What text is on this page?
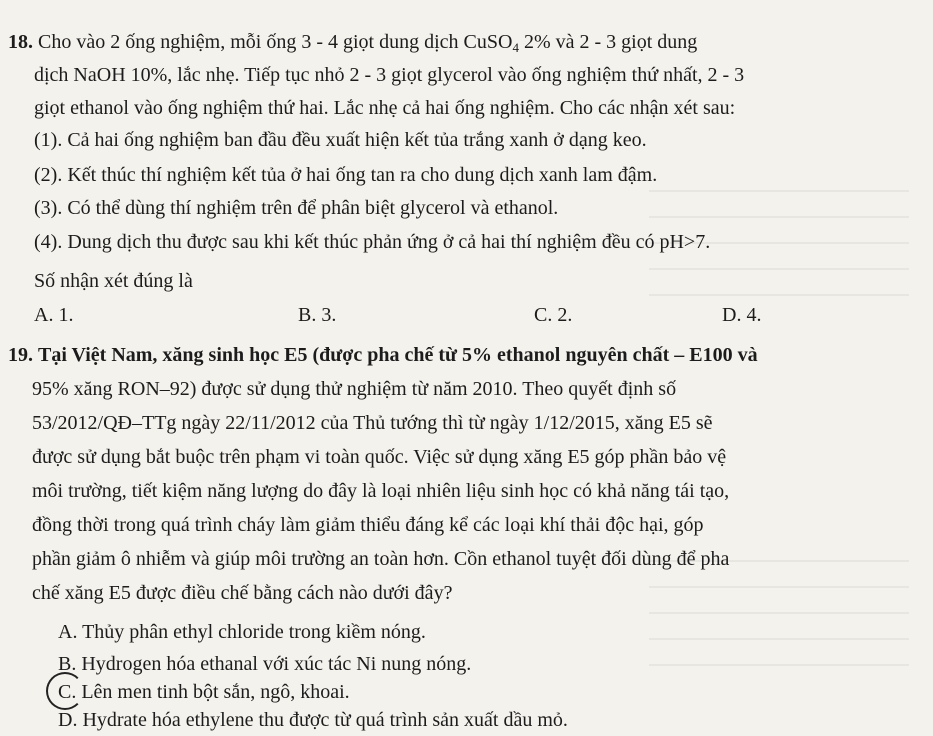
18. Cho vào 2 ống nghiệm, mỗi ống 3 - 4 giọt dung dịch CuSO$_4$ 2% và 2 - 3 giọt dung
dịch NaOH 10%, lắc nhẹ. Tiếp tục nhỏ 2 - 3 giọt glycerol vào ống nghiệm thứ nhất, 2 - 3
giọt ethanol vào ống nghiệm thứ hai. Lắc nhẹ cả hai ống nghiệm. Cho các nhận xét sau:
(1). Cả hai ống nghiệm ban đầu đều xuất hiện kết tủa trắng xanh ở dạng keo.
(2). Kết thúc thí nghiệm kết tủa ở hai ống tan ra cho dung dịch xanh lam đậm.
(3). Có thể dùng thí nghiệm trên để phân biệt glycerol và ethanol.
(4). Dung dịch thu được sau khi kết thúc phản ứng ở cả hai thí nghiệm đều có pH>7.
Số nhận xét đúng là
A. 1.	B. 3.	C. 2.	D. 4.
19. Tại Việt Nam, xăng sinh học E5 (được pha chế từ 5% ethanol nguyên chất – E100 và
95% xăng RON–92) được sử dụng thử nghiệm từ năm 2010. Theo quyết định số
53/2012/QĐ–TTg ngày 22/11/2012 của Thủ tướng thì từ ngày 1/12/2015, xăng E5 sẽ
được sử dụng bắt buộc trên phạm vi toàn quốc. Việc sử dụng xăng E5 góp phần bảo vệ
môi trường, tiết kiệm năng lượng do đây là loại nhiên liệu sinh học có khả năng tái tạo,
đồng thời trong quá trình cháy làm giảm thiểu đáng kể các loại khí thải độc hại, góp
phần giảm ô nhiễm và giúp môi trường an toàn hơn. Cồn ethanol tuyệt đối dùng để pha
chế xăng E5 được điều chế bằng cách nào dưới đây?
A. Thủy phân ethyl chloride trong kiềm nóng.
B. Hydrogen hóa ethanal với xúc tác Ni nung nóng.
C. Lên men tinh bột sắn, ngô, khoai.
D. Hydrate hóa ethylene thu được từ quá trình sản xuất dầu mỏ.
